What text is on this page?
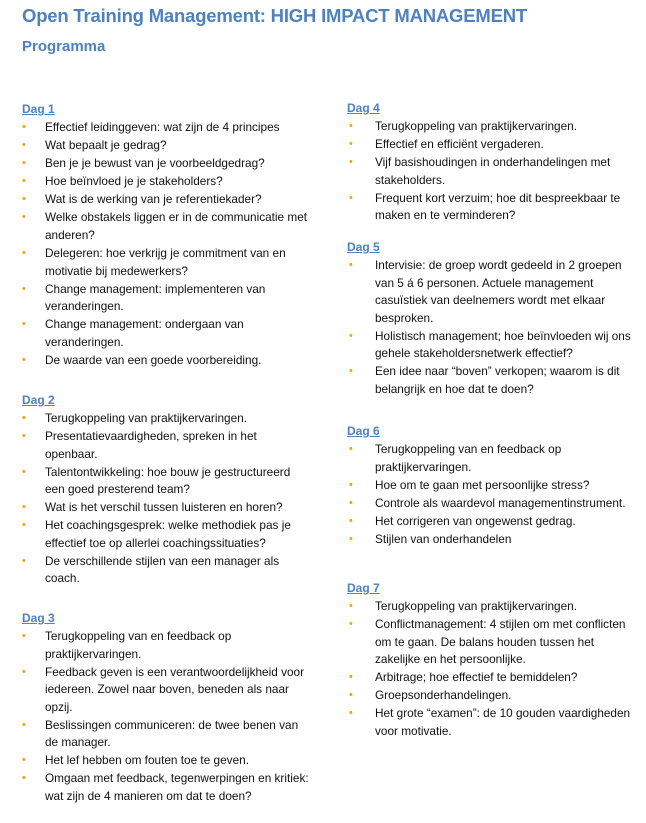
Open Training Management: HIGH IMPACT MANAGEMENT
Programma
Dag 1
• Effectief leidinggeven: wat zijn de 4 principes
• Wat bepaalt je gedrag?
• Ben je je bewust van je voorbeeldgedrag?
• Hoe beïnvloed je je stakeholders?
• Wat is de werking van je referentiekader?
• Welke obstakels liggen er in de communicatie met anderen?
• Delegeren: hoe verkrijg je commitment van en motivatie bij medewerkers?
• Change management: implementeren van veranderingen.
• Change management: ondergaan van veranderingen.
• De waarde van een goede voorbereiding.
Dag 2
• Terugkoppeling van praktijkervaringen.
• Presentatievaardigheden, spreken in het openbaar.
• Talentontwikkeling: hoe bouw je gestructureerd een goed presterend team?
• Wat is het verschil tussen luisteren en horen?
• Het coachingsgesprek: welke methodiek pas je effectief toe op allerlei coachingssituaties?
• De verschillende stijlen van een manager als coach.
Dag 3
• Terugkoppeling van en feedback op praktijkervaringen.
• Feedback geven is een verantwoordelijkheid voor iedereen. Zowel naar boven, beneden als naar opzij.
• Beslissingen communiceren: de twee benen van de manager.
• Het lef hebben om fouten toe te geven.
• Omgaan met feedback, tegenwerpingen en kritiek: wat zijn de 4 manieren om dat te doen?
Dag 4
• Terugkoppeling van praktijkervaringen.
• Effectief en efficiënt vergaderen.
• Vijf basishoudingen in onderhandelingen met stakeholders.
• Frequent kort verzuim; hoe dit bespreekbaar te maken en te verminderen?
Dag 5
• Intervisie: de groep wordt gedeeld in 2 groepen van 5 á 6 personen. Actuele management casuïstiek van deelnemers wordt met elkaar besproken.
• Holistisch management; hoe beïnvloeden wij ons gehele stakeholdersnetwerk effectief?
• Een idee naar “boven” verkopen; waarom is dit belangrijk en hoe dat te doen?
Dag 6
• Terugkoppeling van en feedback op praktijkervaringen.
• Hoe om te gaan met persoonlijke stress?
• Controle als waardevol managementinstrument.
• Het corrigeren van ongewenst gedrag.
• Stijlen van onderhandelen
Dag 7
• Terugkoppeling van praktijkervaringen.
• Conflictmanagement: 4 stijlen om met conflicten om te gaan. De balans houden tussen het zakelijke en het persoonlijke.
• Arbitrage; hoe effectief te bemiddelen?
• Groepsonderhandelingen.
• Het grote “examen”: de 10 gouden vaardigheden voor motivatie.
